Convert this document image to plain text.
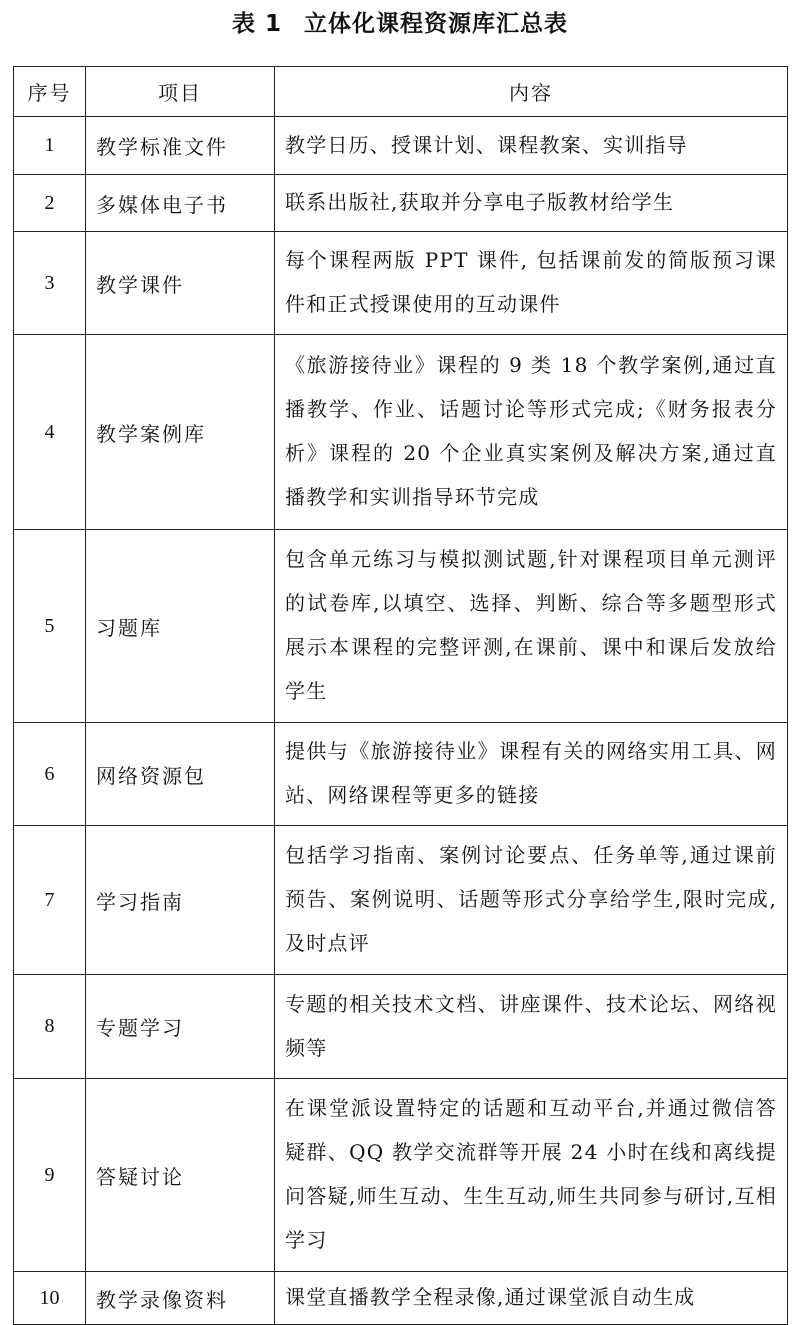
表 1 立体化课程资源库汇总表
序号	项目	内容
1	教学标准文件	教学日历、授课计划、课程教案、实训指导
2	多媒体电子书	联系出版社,获取并分享电子版教材给学生
3	教学课件	每个课程两版 PPT 课件, 包括课前发的简版预习课件和正式授课使用的互动课件
4	教学案例库	《旅游接待业》课程的 9 类 18 个教学案例,通过直播教学、作业、话题讨论等形式完成;《财务报表分析》课程的 20 个企业真实案例及解决方案,通过直播教学和实训指导环节完成
5	习题库	包含单元练习与模拟测试题,针对课程项目单元测评的试卷库,以填空、选择、判断、综合等多题型形式展示本课程的完整评测,在课前、课中和课后发放给学生
6	网络资源包	提供与《旅游接待业》课程有关的网络实用工具、网站、网络课程等更多的链接
7	学习指南	包括学习指南、案例讨论要点、任务单等,通过课前预告、案例说明、话题等形式分享给学生,限时完成,及时点评
8	专题学习	专题的相关技术文档、讲座课件、技术论坛、网络视频等
9	答疑讨论	在课堂派设置特定的话题和互动平台,并通过微信答疑群、QQ 教学交流群等开展 24 小时在线和离线提问答疑,师生互动、生生互动,师生共同参与研讨,互相学习
10	教学录像资料	课堂直播教学全程录像,通过课堂派自动生成
